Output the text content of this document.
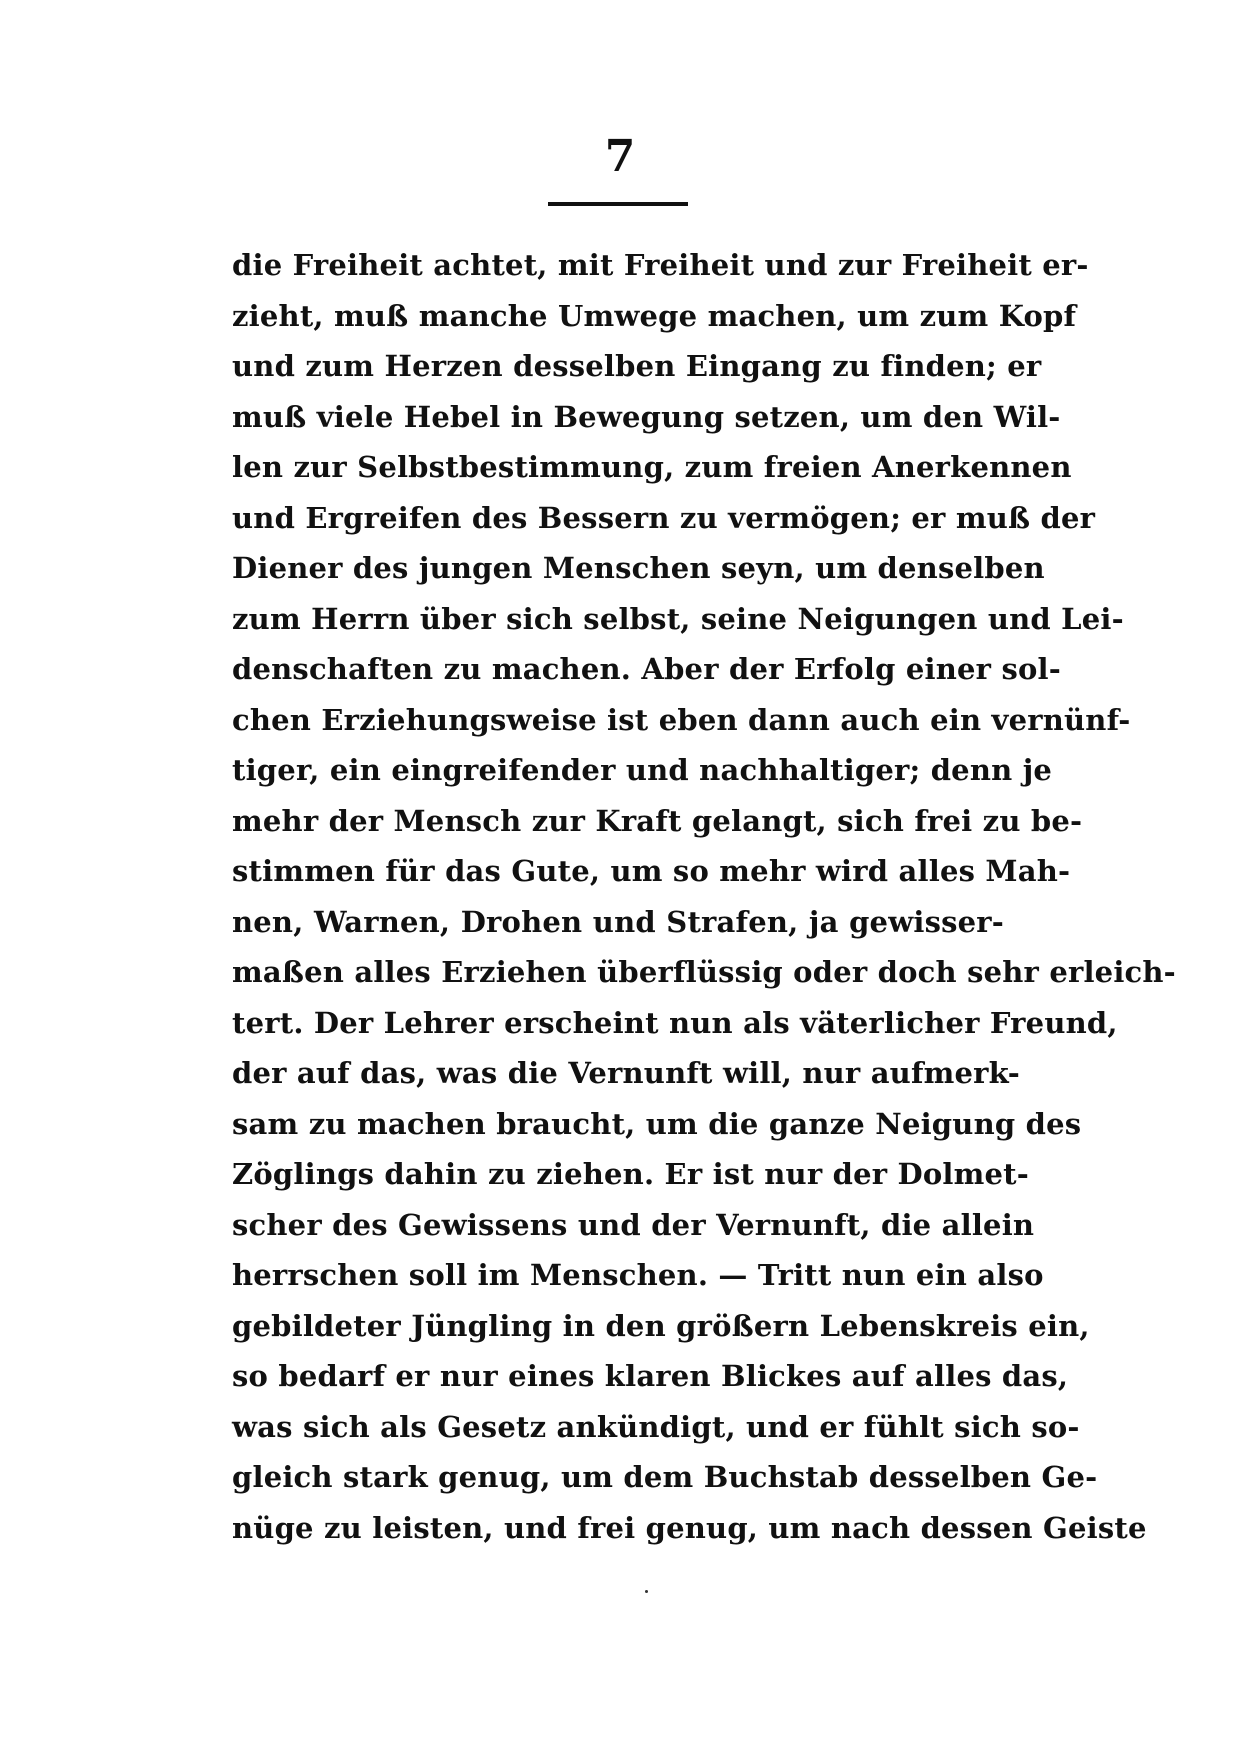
7
die Freiheit achtet, mit Freiheit und zur Freiheit er-
zieht, muß manche Umwege machen, um zum Kopf
und zum Herzen desselben Eingang zu finden; er
muß viele Hebel in Bewegung setzen, um den Wil-
len zur Selbstbestimmung, zum freien Anerkennen
und Ergreifen des Bessern zu vermögen; er muß der
Diener des jungen Menschen seyn, um denselben
zum Herrn über sich selbst, seine Neigungen und Lei-
denschaften zu machen. Aber der Erfolg einer sol-
chen Erziehungsweise ist eben dann auch ein vernünf-
tiger, ein eingreifender und nachhaltiger; denn je
mehr der Mensch zur Kraft gelangt, sich frei zu be-
stimmen für das Gute, um so mehr wird alles Mah-
nen, Warnen, Drohen und Strafen, ja gewisser-
maßen alles Erziehen überflüssig oder doch sehr erleich-
tert. Der Lehrer erscheint nun als väterlicher Freund,
der auf das, was die Vernunft will, nur aufmerk-
sam zu machen braucht, um die ganze Neigung des
Zöglings dahin zu ziehen. Er ist nur der Dolmet-
scher des Gewissens und der Vernunft, die allein
herrschen soll im Menschen. — Tritt nun ein also
gebildeter Jüngling in den größern Lebenskreis ein,
so bedarf er nur eines klaren Blickes auf alles das,
was sich als Gesetz ankündigt, und er fühlt sich so-
gleich stark genug, um dem Buchstab desselben Ge-
nüge zu leisten, und frei genug, um nach dessen Geiste
